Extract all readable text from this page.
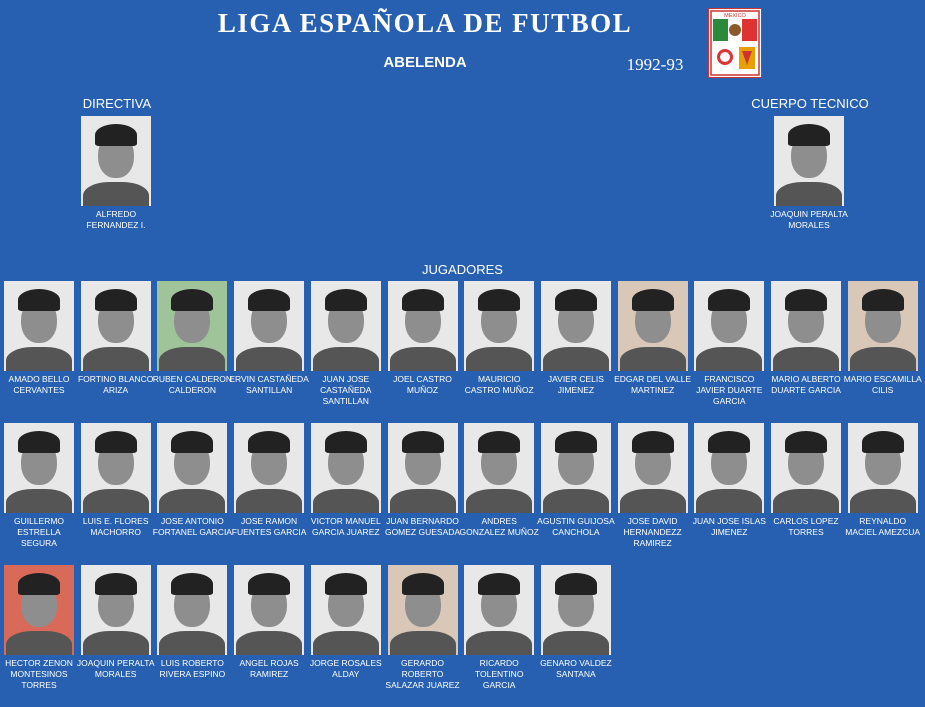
LIGA ESPAÑOLA DE FUTBOL
ABELENDA	1992-93
MEXICO
DIRECTIVA	CUERPO TECNICO
JUGADORES
ALFREDO FERNANDEZ I.
JOAQUIN PERALTA MORALES
AMADO BELLO CERVANTES
FORTINO BLANCO ARIZA
RUBEN CALDERON CALDERON
ERVIN CASTAÑEDA SANTILLAN
JUAN JOSE CASTAÑEDA SANTILLAN
JOEL CASTRO MUÑOZ
MAURICIO CASTRO MUÑOZ
JAVIER CELIS JIMENEZ
EDGAR DEL VALLE MARTINEZ
FRANCISCO JAVIER DUARTE GARCIA
MARIO ALBERTO DUARTE GARCIA
MARIO ESCAMILLA CILIS
GUILLERMO ESTRELLA SEGURA
LUIS E. FLORES MACHORRO
JOSE ANTONIO FORTANEL GARCIA
JOSE RAMON FUENTES GARCIA
VICTOR MANUEL GARCIA JUAREZ
JUAN BERNARDO GOMEZ GUESADA
ANDRES GONZALEZ MUÑOZ
AGUSTIN GUIJOSA CANCHOLA
JOSE DAVID HERNANDEZZ RAMIREZ
JUAN JOSE ISLAS JIMENEZ
CARLOS LOPEZ TORRES
REYNALDO MACIEL AMEZCUA
HECTOR ZENON MONTESINOS TORRES
JOAQUIN PERALTA MORALES
LUIS ROBERTO RIVERA ESPINO
ANGEL ROJAS RAMIREZ
JORGE ROSALES ALDAY
GERARDO ROBERTO SALAZAR JUAREZ
RICARDO TOLENTINO GARCIA
GENARO VALDEZ SANTANA
